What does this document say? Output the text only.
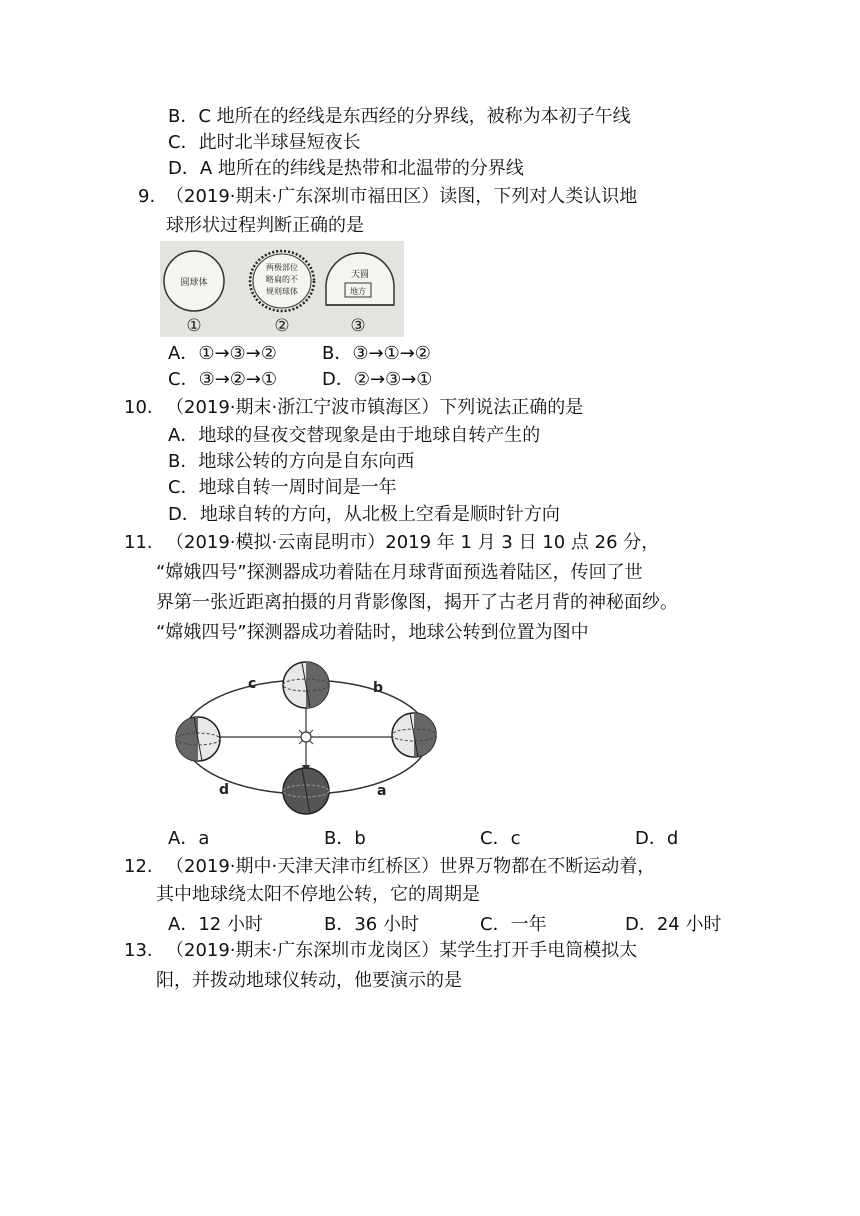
B．C 地所在的经线是东西经的分界线，被称为本初子午线
C．此时北半球昼短夜长
D．A 地所在的纬线是热带和北温带的分界线
9. （2019·期末·广东深圳市福田区）读图，下列对人类认识地
球形状过程判断正确的是
圆球体
两极部位
略扁的不
规则球体
天圆
地方
①	②	③
A．①→③→②	B．③→①→②
C．③→②→① D．②→③→①
10. （2019·期末·浙江宁波市镇海区）下列说法正确的是
A．地球的昼夜交替现象是由于地球自转产生的
B．地球公转的方向是自东向西
C．地球自转一周时间是一年
D．地球自转的方向，从北极上空看是顺时针方向
11. （2019·模拟·云南昆明市）2019 年 1 月 3 日 10 点 26 分，
“嫦娥四号”探测器成功着陆在月球背面预选着陆区，传回了世
界第一张近距离拍摄的月背影像图，揭开了古老月背的神秘面纱。
“嫦娥四号”探测器成功着陆时，地球公转到位置为图中
c	b
d	a
A．a	B．b	C．c	D．d
12. （2019·期中·天津天津市红桥区）世界万物都在不断运动着，
其中地球绕太阳不停地公转，它的周期是
A．12 小时	B．36 小时	C．一年	D．24 小时
13. （2019·期末·广东深圳市龙岗区）某学生打开手电筒模拟太
阳，并拨动地球仪转动，他要演示的是
